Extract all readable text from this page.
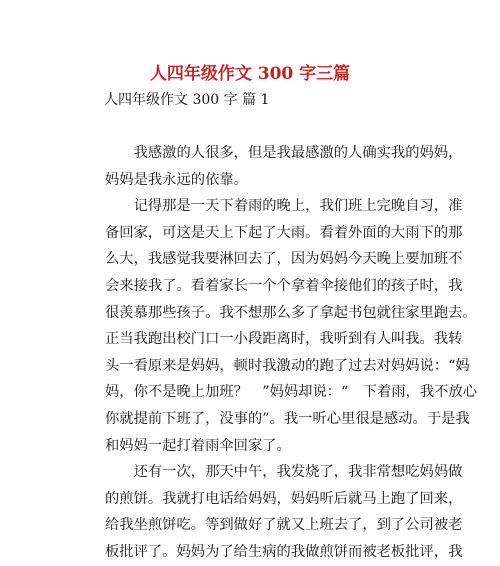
人四年级作文 300 字三篇
人四年级作文 300 字 篇 1

　　我感激的人很多，但是我最感激的人确实我的妈妈，
妈妈是我永远的依靠。

　　记得那是一天下着雨的晚上，我们班上完晚自习，准
备回家，可这是天上下起了大雨。看着外面的大雨下的那
么大，我感觉我要淋回去了，因为妈妈今天晚上要加班不
会来接我了。看着家长一个个拿着伞接他们的孩子时，我
很羡慕那些孩子。我不想那么多了拿起书包就往家里跑去。
正当我跑出校门口一小段距离时，我听到有人叫我。我转
头一看原来是妈妈，顿时我激动的跑了过去对妈妈说：“妈
妈，你不是晚上加班？　”妈妈却说：“　下着雨，我不放心
你就提前下班了，没事的”。我一听心里很是感动。于是我
和妈妈一起打着雨伞回家了。

　　还有一次，那天中午，我发烧了，我非常想吃妈妈做
的煎饼。我就打电话给妈妈，妈妈听后就马上跑了回来，
给我坐煎饼吃。等到做好了就又上班去了，到了公司被老
板批评了。妈妈为了给生病的我做煎饼而被老板批评，我
